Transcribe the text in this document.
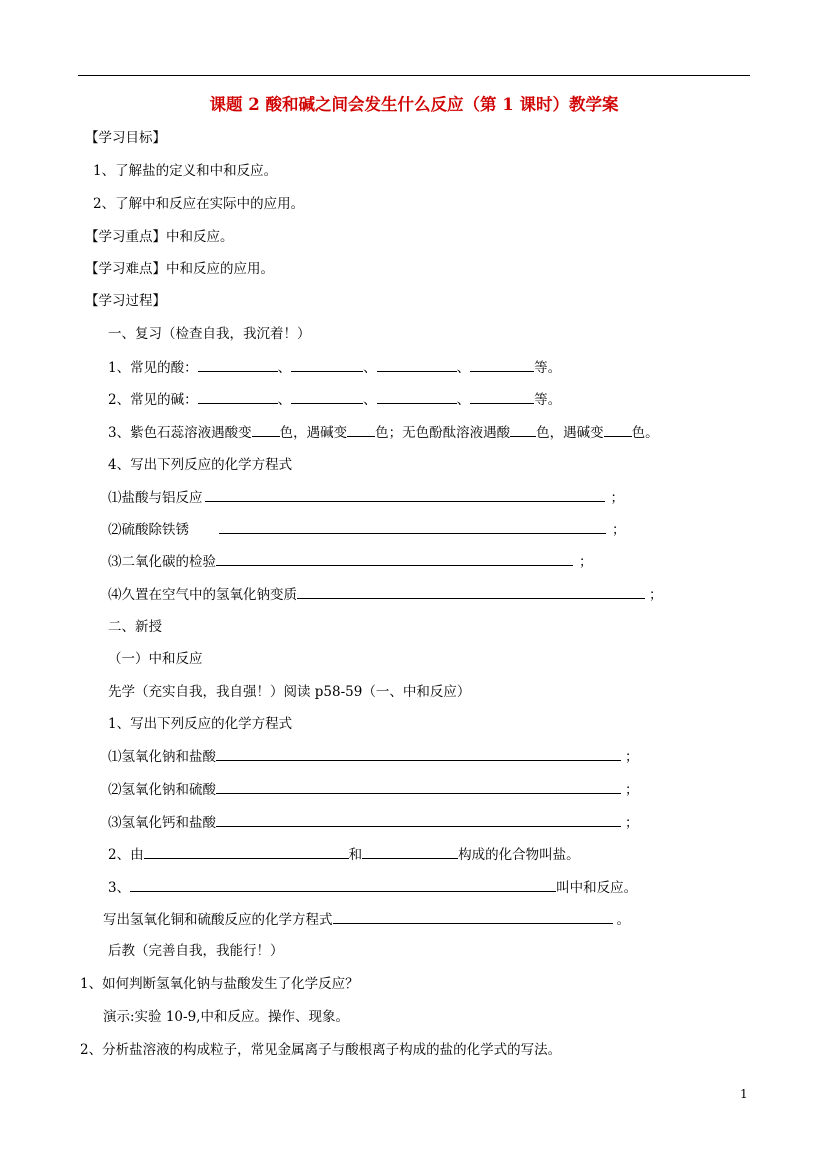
课题 2 酸和碱之间会发生什么反应（第 1 课时）教学案
【学习目标】
1、了解盐的定义和中和反应。
2、了解中和反应在实际中的应用。
【学习重点】中和反应。
【学习难点】中和反应的应用。
【学习过程】
一、复习（检查自我，我沉着！）
1、常见的酸：	、	、	、	等。
2、常见的碱：	、	、	、	等。
3、紫色石蕊溶液遇酸变 色，遇碱变 色；无色酚酞溶液遇酸 色，遇碱变 色。
4、写出下列反应的化学方程式
⑴盐酸与铝反应	；
⑵硫酸除铁锈	；
⑶二氧化碳的检验	；
⑷久置在空气中的氢氧化钠变质	；
二、新授
（一）中和反应
先学（充实自我，我自强！）阅读 p58-59（一、中和反应）
1、写出下列反应的化学方程式
⑴氢氧化钠和盐酸	；
⑵氢氧化钠和硫酸	；
⑶氢氧化钙和盐酸	；
2、由	和	构成的化合物叫盐。
3、	叫中和反应。
写出氢氧化铜和硫酸反应的化学方程式	。
后教（完善自我，我能行！）
1、如何判断氢氧化钠与盐酸发生了化学反应？
演示:实验 10-9,中和反应。操作、现象。
2、分析盐溶液的构成粒子，常见金属离子与酸根离子构成的盐的化学式的写法。
1
